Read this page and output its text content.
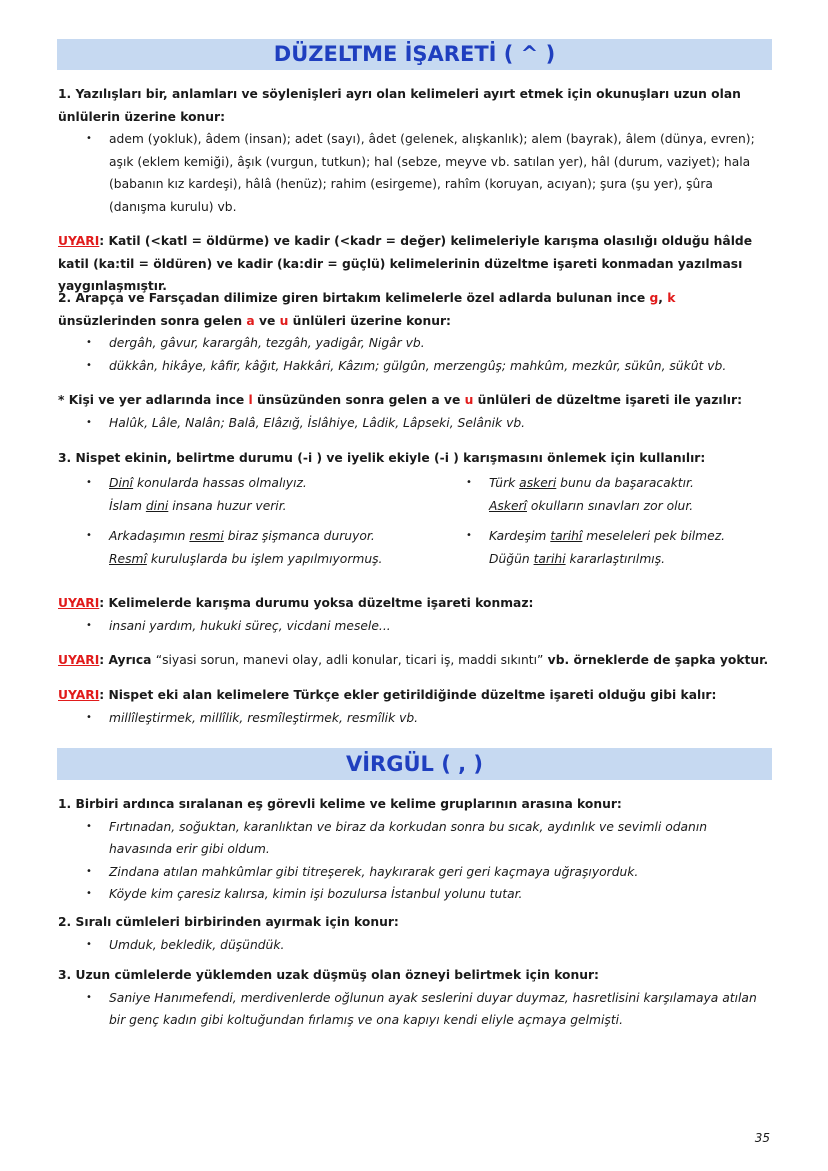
DÜZELTME İŞARETİ ( ^ )
1. Yazılışları bir, anlamları ve söylenişleri ayrı olan kelimeleri ayırt etmek için okunuşları uzun olan ünlülerin üzerine konur:
• adem (yokluk), âdem (insan); adet (sayı), âdet (gelenek, alışkanlık); alem (bayrak), âlem (dünya, evren); aşık (eklem kemiği), âşık (vurgun, tutkun); hal (sebze, meyve vb. satılan yer), hâl (durum, vaziyet); hala (babanın kız kardeşi), hâlâ (henüz); rahim (esirgeme), rahîm (koruyan, acıyan); şura (şu yer), şûra (danışma kurulu) vb.
UYARI: Katil (<katl = öldürme) ve kadir (<kadr = değer) kelimeleriyle karışma olasılığı olduğu hâlde katil (ka:til = öldüren) ve kadir (ka:dir = güçlü) kelimelerinin düzeltme işareti konmadan yazılması yaygınlaşmıştır.
2. Arapça ve Farsçadan dilimize giren birtakım kelimelerle özel adlarda bulunan ince g, k ünsüzlerinden sonra gelen a ve u ünlüleri üzerine konur:
• dergâh, gâvur, karargâh, tezgâh, yadigâr, Nigâr vb.
• dükkân, hikâye, kâfir, kâğıt, Hakkâri, Kâzım; gülgûn, merzengûş; mahkûm, mezkûr, sükûn, sükût vb.
* Kişi ve yer adlarında ince l ünsüzünden sonra gelen a ve u ünlüleri de düzeltme işareti ile yazılır:
• Halûk, Lâle, Nalân; Balâ, Elâzığ, İslâhiye, Lâdik, Lâpseki, Selânik vb.
3. Nispet ekinin, belirtme durumu (-i ) ve iyelik ekiyle (-i ) karışmasını önlemek için kullanılır:
• Dinî konularda hassas olmalıyız.
İslam dini insana huzur verir.
• Türk askeri bunu da başaracaktır.
Askerî okulların sınavları zor olur.
• Arkadaşımın resmi biraz şişmanca duruyor.
Resmî kuruluşlarda bu işlem yapılmıyormuş.
• Kardeşim tarihî meseleleri pek bilmez.
Düğün tarihi kararlaştırılmış.
UYARI: Kelimelerde karışma durumu yoksa düzeltme işareti konmaz:
• insani yardım, hukuki süreç, vicdani mesele...
UYARI: Ayrıca “siyasi sorun, manevi olay, adli konular, ticari iş, maddi sıkıntı” vb. örneklerde de şapka yoktur.
UYARI: Nispet eki alan kelimelere Türkçe ekler getirildiğinde düzeltme işareti olduğu gibi kalır:
• millîleştirmek, millîlik, resmîleştirmek, resmîlik vb.
VİRGÜL ( , )
1. Birbiri ardınca sıralanan eş görevli kelime ve kelime gruplarının arasına konur:
• Fırtınadan, soğuktan, karanlıktan ve biraz da korkudan sonra bu sıcak, aydınlık ve sevimli odanın havasında erir gibi oldum.
• Zindana atılan mahkûmlar gibi titreşerek, haykırarak geri geri kaçmaya uğraşıyorduk.
• Köyde kim çaresiz kalırsa, kimin işi bozulursa İstanbul yolunu tutar.
2. Sıralı cümleleri birbirinden ayırmak için konur:
• Umduk, bekledik, düşündük.
3. Uzun cümlelerde yüklemden uzak düşmüş olan özneyi belirtmek için konur:
• Saniye Hanımefendi, merdivenlerde oğlunun ayak seslerini duyar duymaz, hasretlisini karşılamaya atılan bir genç kadın gibi koltuğundan fırlamış ve ona kapıyı kendi eliyle açmaya gelmişti.
35
